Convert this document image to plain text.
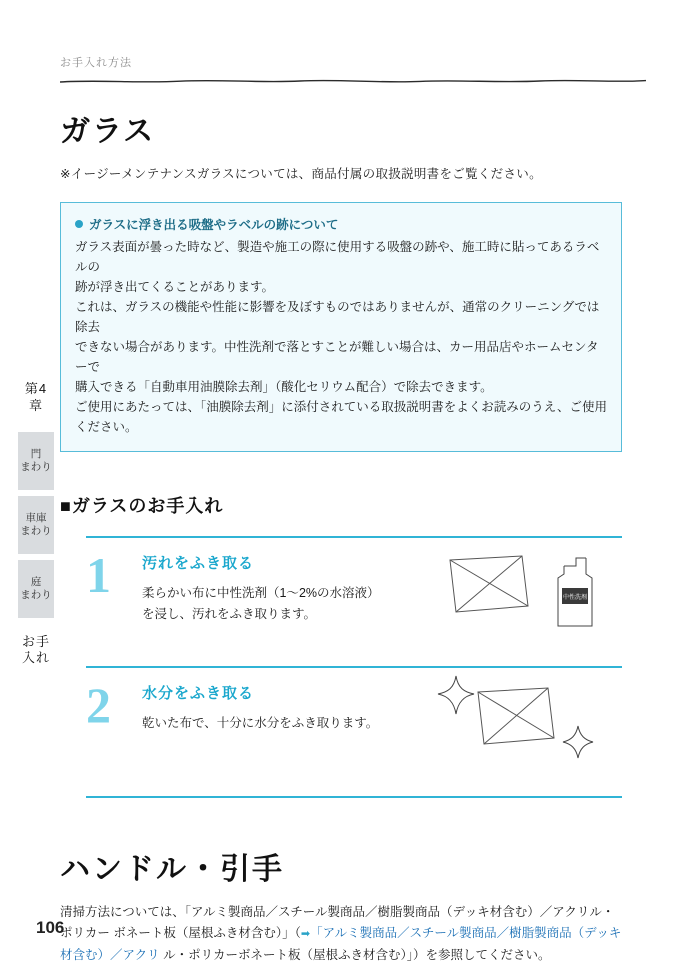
第4章
門
まわり
車庫
まわり
庭
まわり
お手入れ
お手入れ方法
ガラス
※イージーメンテナンスガラスについては、商品付属の取扱説明書をご覧ください。
ガラスに浮き出る吸盤やラベルの跡について

ガラス表面が曇った時など、製造や施工の際に使用する吸盤の跡や、施工時に貼ってあるラベルの

跡が浮き出てくることがあります。

これは、ガラスの機能や性能に影響を及ぼすものではありませんが、通常のクリーニングでは除去

できない場合があります。中性洗剤で落とすことが難しい場合は、カー用品店やホームセンターで

購入できる「自動車用油膜除去剤」（酸化セリウム配合）で除去できます。

ご使用にあたっては、「油膜除去剤」に添付されている取扱説明書をよくお読みのうえ、ご使用ください。

■ガラスのお手入れ
1 汚れをふき取る
柔らかい布に中性洗剤（1～2%の水溶液）
を浸し、汚れをふき取ります。
中性洗剤
2 水分をふき取る
乾いた布で、十分に水分をふき取ります。
ハンドル・引手
清掃方法については、「アルミ製商品／スチール製商品／樹脂製商品（デッキ材含む）／アクリル・ポリカー ボネート板（屋根ふき材含む）」（➡「アルミ製商品／スチール製商品／樹脂製商品（デッキ材含む）／アクリ ル・ポリカーボネート板（屋根ふき材含む）」）を参照してください。
106
